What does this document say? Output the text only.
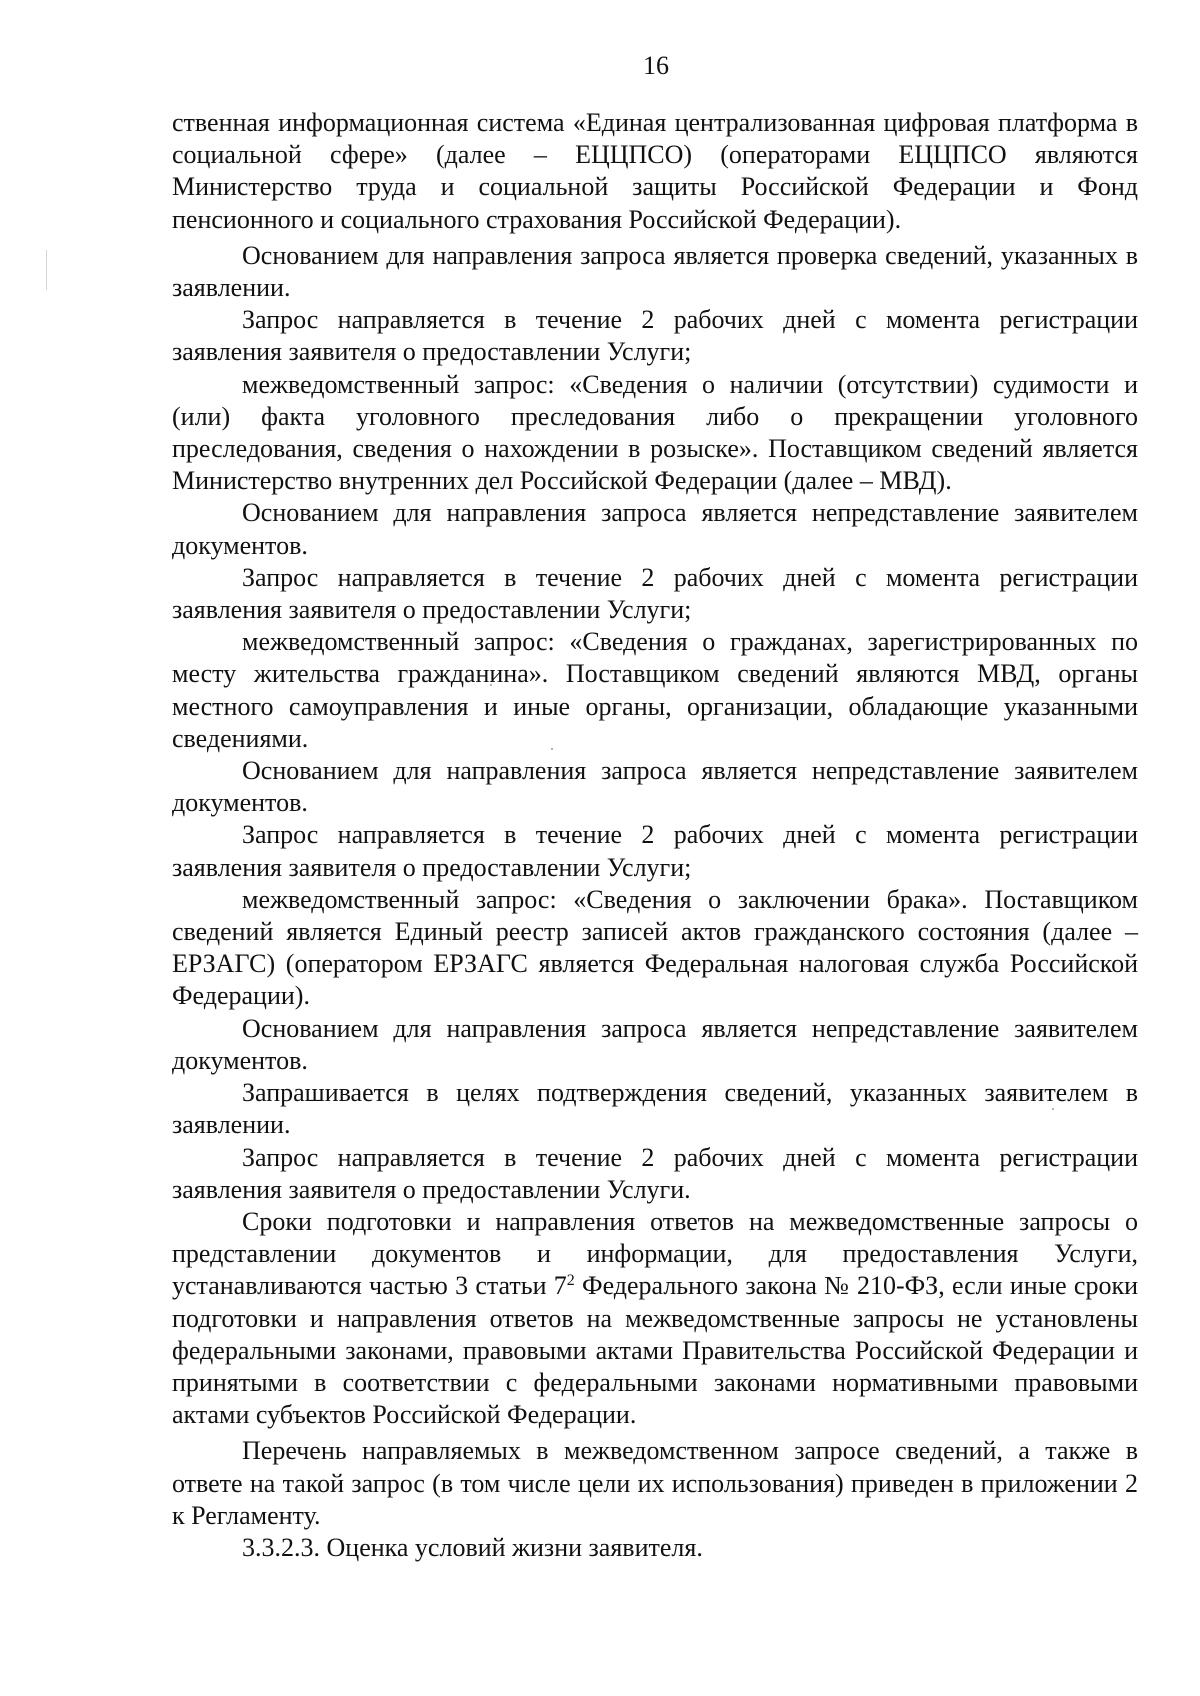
16

ственная информационная система «Единая централизованная цифровая платформа в социальной сфере» (далее – ЕЦЦПСО) (операторами ЕЦЦПСО являются Министерство труда и социальной защиты Российской Федерации и Фонд пенсионного и социального страхования Российской Федерации).

Основанием для направления запроса является проверка сведений, указанных в заявлении.

Запрос направляется в течение 2 рабочих дней с момента регистрации заявления заявителя о предоставлении Услуги;

межведомственный запрос: «Сведения о наличии (отсутствии) судимости и (или) факта уголовного преследования либо о прекращении уголовного преследования, сведения о нахождении в розыске». Поставщиком сведений является Министерство внутренних дел Российской Федерации (далее – МВД).

Основанием для направления запроса является непредставление заявителем документов.

Запрос направляется в течение 2 рабочих дней с момента регистрации заявления заявителя о предоставлении Услуги;

межведомственный запрос: «Сведения о гражданах, зарегистрированных по месту жительства гражданина». Поставщиком сведений являются МВД, органы местного самоуправления и иные органы, организации, обладающие указанными сведениями.

Основанием для направления запроса является непредставление заявителем документов.

Запрос направляется в течение 2 рабочих дней с момента регистрации заявления заявителя о предоставлении Услуги;

межведомственный запрос: «Сведения о заключении брака». Поставщиком сведений является Единый реестр записей актов гражданского состояния (далее – ЕРЗАГС) (оператором ЕРЗАГС является Федеральная налоговая служба Российской Федерации).

Основанием для направления запроса является непредставление заявителем документов.

Запрашивается в целях подтверждения сведений, указанных заявителем в заявлении.

Запрос направляется в течение 2 рабочих дней с момента регистрации заявления заявителя о предоставлении Услуги.

Сроки подготовки и направления ответов на межведомственные запросы о представлении документов и информации, для предоставления Услуги, устанавливаются частью 3 статьи $7^2$ Федерального закона № 210-ФЗ, если иные сроки подготовки и направления ответов на межведомственные запросы не установлены федеральными законами, правовыми актами Правительства Российской Федерации и принятыми в соответствии с федеральными законами нормативными правовыми актами субъектов Российской Федерации.

Перечень направляемых в межведомственном запросе сведений, а также в ответе на такой запрос (в том числе цели их использования) приведен в приложении 2 к Регламенту.

3.3.2.3. Оценка условий жизни заявителя.
